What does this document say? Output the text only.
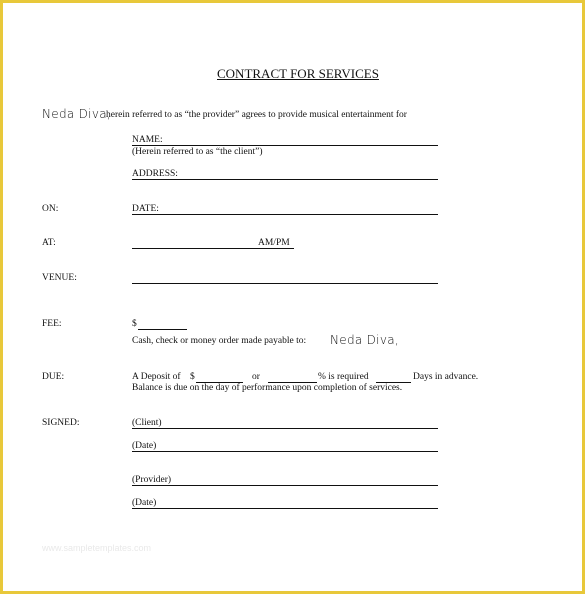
CONTRACT FOR SERVICES
Neda Diva,
herein referred to as “the provider” agrees to provide musical entertainment for
NAME:
(Herein referred to as “the client”)
ADDRESS:
ON:	DATE:
AT:	AM/PM
VENUE:
FEE:	$
Cash, check or money order made payable to: Neda Diva,
DUE:	A Deposit of $	or	% is required	Days in advance.
Balance is due on the day of performance upon completion of services.
SIGNED:	(Client)
(Date)
(Provider)
(Date)
www.sampletemplates.com
